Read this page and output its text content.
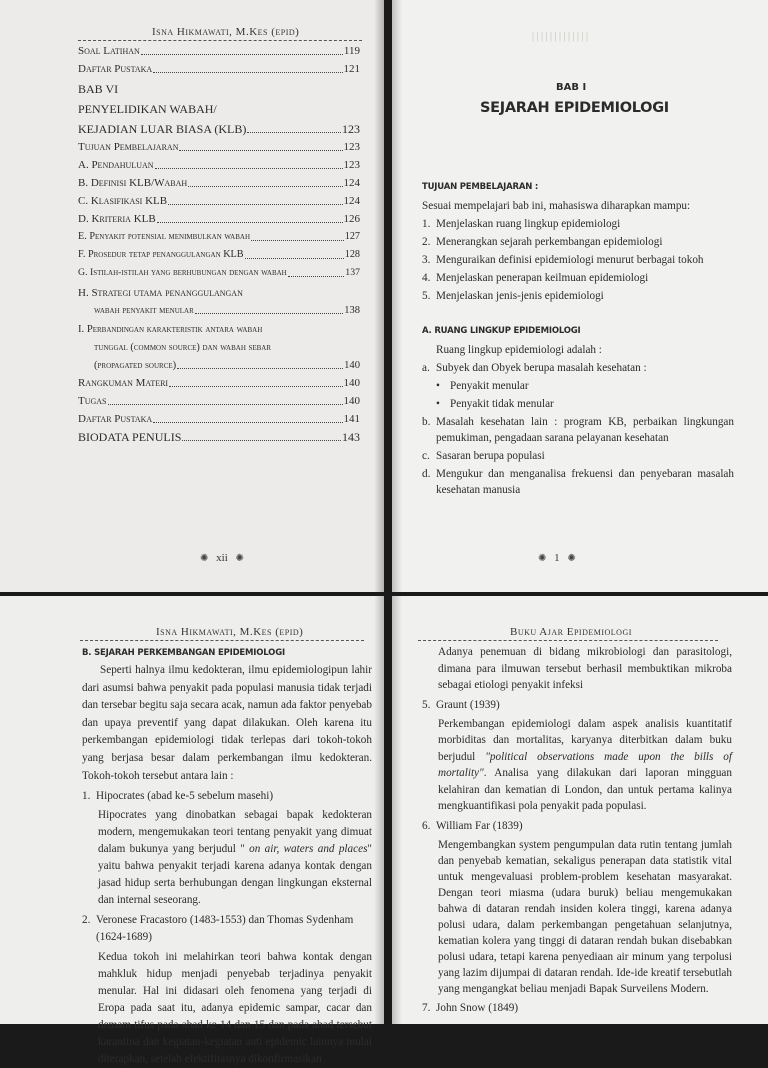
Isna Hikmawati, M.Kes (epid)
Soal Latihan	119
Daftar Pustaka	121
BAB VI
PENYELIDIKAN WABAH/
KEJADIAN LUAR BIASA (KLB)	123
Tujuan Pembelajaran	123
A. Pendahuluan	123
B. Definisi KLB/Wabah	124
C. Klasifikasi KLB	124
D. Kriteria KLB	126
E. Penyakit potensial menimbulkan wabah	127
F. Prosedur tetap penanggulangan KLB	128
G. Istilah-istilah yang berhubungan dengan wabah	137
H. Strategi utama penanggulangan
wabah penyakit menular	138
I. Perbandingan karakteristik antara wabah
tunggal (common source) dan wabah sebar
(propagated source)	140
Rangkuman Materi	140
Tugas	140
Daftar Pustaka	141
BIODATA PENULIS	143
✺ xii ✺
| | | | | | | | | | | | |
BAB I
SEJARAH EPIDEMIOLOGI
TUJUAN PEMBELAJARAN :
Sesuai mempelajari bab ini, mahasiswa diharapkan mampu:
1. Menjelaskan ruang lingkup epidemiologi
2. Menerangkan sejarah perkembangan epidemiologi
3. Menguraikan definisi epidemiologi menurut berbagai tokoh
4. Menjelaskan penerapan keilmuan epidemiologi
5. Menjelaskan jenis-jenis epidemiologi
A. RUANG LINGKUP EPIDEMIOLOGI
Ruang lingkup epidemiologi adalah :
a. Subyek dan Obyek berupa masalah kesehatan :
• Penyakit menular
• Penyakit tidak menular
b. Masalah kesehatan lain : program KB, perbaikan lingkungan pemukiman, pengadaan sarana pelayanan kesehatan
c. Sasaran berupa populasi
d. Mengukur dan menganalisa frekuensi dan penyebaran masalah kesehatan manusia
✺ 1 ✺
Isna Hikmawati, M.Kes (epid)
B. SEJARAH PERKEMBANGAN EPIDEMIOLOGI
Seperti halnya ilmu kedokteran, ilmu epidemiologipun lahir dari asumsi bahwa penyakit pada populasi manusia tidak terjadi dan tersebar begitu saja secara acak, namun ada faktor penyebab dan upaya preventif yang dapat dilakukan. Oleh karena itu perkembangan epidemiologi tidak terlepas dari tokoh-tokoh yang berjasa besar dalam perkembangan ilmu kedokteran. Tokoh-tokoh tersebut antara lain :
1. Hipocrates (abad ke-5 sebelum masehi)
Hipocrates yang dinobatkan sebagai bapak kedokteran modern, mengemukakan teori tentang penyakit yang dimuat dalam bukunya yang berjudul " on air, waters and places" yaitu bahwa penyakit terjadi karena adanya kontak dengan jasad hidup serta berhubungan dengan lingkungan eksternal dan internal seseorang.
2. Veronese Fracastoro (1483-1553) dan Thomas Sydenham (1624-1689)
Kedua tokoh ini melahirkan teori bahwa kontak dengan mahkluk hidup menjadi penyebab terjadinya penyakit menular. Hal ini didasari oleh fenomena yang terjadi di Eropa pada saat itu, adanya epidemic sampar, cacar dan demam tifus pada abad ke 14 dan 15 dan pada abad tersebut karantina dan kegiatan-kegiatan anti epidemic lainnya mulai diterapkan, setelah efektifitasnya dikonfirmasikan
Buku Ajar Epidemiologi
Adanya penemuan di bidang mikrobiologi dan parasitologi, dimana para ilmuwan tersebut berhasil membuktikan mikroba sebagai etiologi penyakit infeksi
5. Graunt (1939)
Perkembangan epidemiologi dalam aspek analisis kuantitatif morbiditas dan mortalitas, karyanya diterbitkan dalam buku berjudul "political observations made upon the bills of mortality". Analisa yang dilakukan dari laporan mingguan kelahiran dan kematian di London, dan untuk pertama kalinya mengkuantifikasi pola penyakit pada populasi.
6. William Far (1839)
Mengembangkan system pengumpulan data rutin tentang jumlah dan penyebab kematian, sekaligus penerapan data statistik vital untuk mengevaluasi problem-problem kesehatan masyarakat. Dengan teori miasma (udara buruk) beliau mengemukakan bahwa di dataran rendah insiden kolera tinggi, karena adanya polusi udara, dalam perkembangan pengetahuan selanjutnya, kematian kolera yang tinggi di dataran rendah bukan disebabkan polusi udara, tetapi karena penyediaan air minum yang terpolusi yang lazim dijumpai di dataran rendah. Ide-ide kreatif tersebutlah yang mengangkat beliau menjadi Bapak Surveilens Modern.
7. John Snow (1849)
